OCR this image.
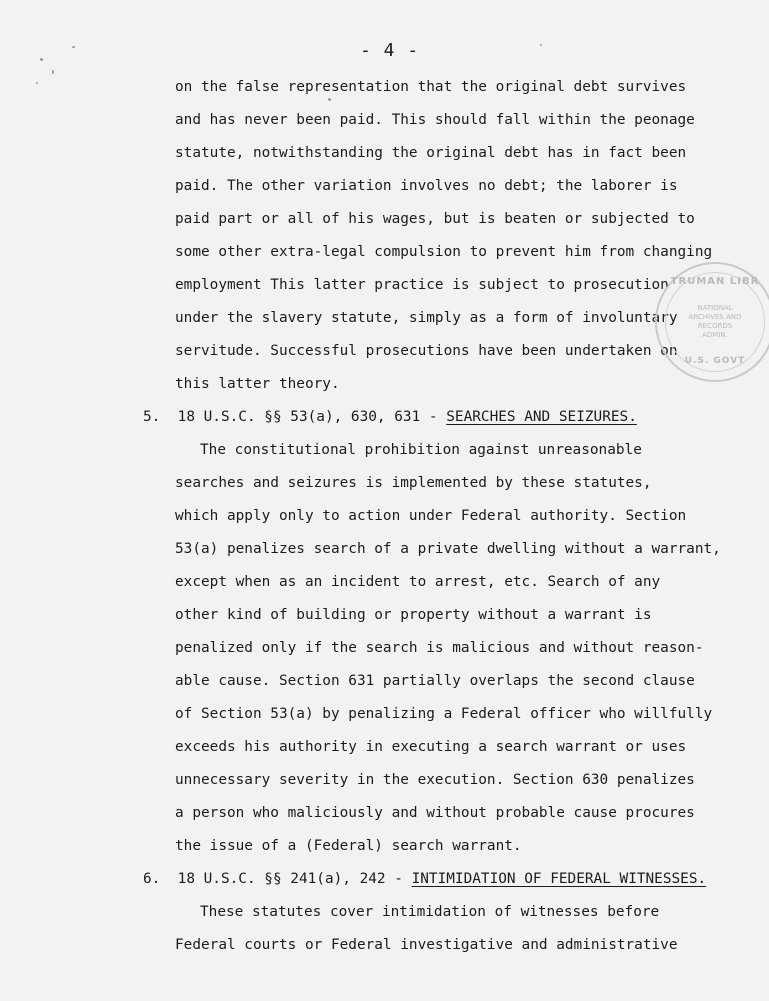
- 4 -
on the false representation that the original debt survives
and has never been paid. This should fall within the peonage
statute, notwithstanding the original debt has in fact been
paid. The other variation involves no debt; the laborer is
paid part or all of his wages, but is beaten or subjected to
some other extra-legal compulsion to prevent him from changing
employment This latter practice is subject to prosecution
under the slavery statute, simply as a form of involuntary
servitude. Successful prosecutions have been undertaken on
this latter theory.
5. 18 U.S.C. §§ 53(a), 630, 631 - SEARCHES AND SEIZURES.
The constitutional prohibition against unreasonable
searches and seizures is implemented by these statutes,
which apply only to action under Federal authority. Section
53(a) penalizes search of a private dwelling without a warrant,
except when as an incident to arrest, etc. Search of any
other kind of building or property without a warrant is
penalized only if the search is malicious and without reason-
able cause. Section 631 partially overlaps the second clause
of Section 53(a) by penalizing a Federal officer who willfully
exceeds his authority in executing a search warrant or uses
unnecessary severity in the execution. Section 630 penalizes
a person who maliciously and without probable cause procures
the issue of a (Federal) search warrant.
6. 18 U.S.C. §§ 241(a), 242 - INTIMIDATION OF FEDERAL WITNESSES.
These statutes cover intimidation of witnesses before
Federal courts or Federal investigative and administrative
TRUMAN LIBR
NATIONAL
ARCHIVES AND
RECORDS
ADMIN.
U.S. GOVT
